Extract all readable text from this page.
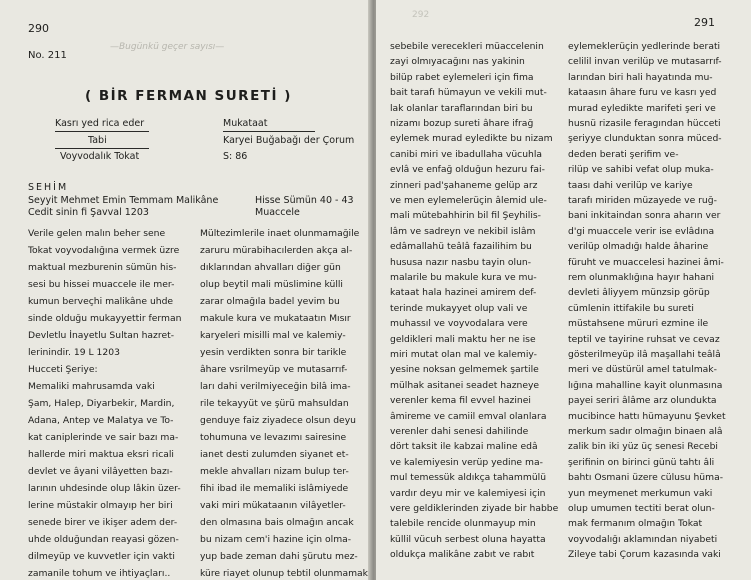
290
—Bugünkü geçer sayısı—
No. 211
( BİR FERMAN SURETİ )
Kasrı yed rica eder
Tabi
Voyvodalık Tokat
Mukataat
Karyei Buğabağı der Çorum
S: 86
SEHİM
Seyyit Mehmet Emin Temmam Malikâne
Cedit sinin fi Şavval 1203
Hisse Sümün 40 - 43
Muaccele
Verile gelen malın beher sene
Tokat voyvodalığına vermek üzre
maktual mezburenin sümün his-
sesi bu hissei muaccele ile mer-
kumun berveçhi malikâne uhde
sinde olduğu mukayyettir ferman
Devletlu İnayetlu Sultan hazret-
lerinindir. 19 L 1203
Hucceti Şeriye:
Memaliki mahrusamda vaki
Şam, Halep, Diyarbekir, Mardin,
Adana, Antep ve Malatya ve To-
kat canipleri̇nde ve sair bazı ma-
hallerde miri maktua eksri ricali
devlet ve âyani vilâyetten bazı-
larının uhdesinde olup lâkin üzer-
lerine müstakir olmayıp her biri
senede birer ve ikişer adem der-
uhde olduğundan reayasi gözen-
dilmeyüp ve kuvvetler için vakti
zamanile tohum ve ihtiyaçları..
Mültezimlerile inaet olunmamağile
zaruru mürabihacılerden akça al-
dıklarından ahvalları diğer gün
olup beytil mali müslimine külli
zarar olmağıla badel yevim bu
makule kura ve mukataatın Mısır
karyeleri misilli mal ve kalemiy-
yesin verdikten sonra bir tarikle
âhare vsrilmeyüp ve mutasarrıf-
ları dahi verilmiyeceğin bilâ ima-
rile tekayyüt ve şürü mahsuldan
genduye faiz ziyadece olsun deyu
tohumuna ve levazımı sairesine
ianet desti zulumden siyanet et-
mekle ahvalları nizam bulup ter-
fihi ibad ile memaliki islâmiyede
vaki miri mükataanın vilâyetler-
den olmasına bais olmağın ancak
bu nizam cem'i hazine için olma-
yup bade zeman dahi şürutu mez-
küre riayet olunup tebtil olunmamak
292
291
sebebile verecekleri müaccelenin
zayi olmıyacağını nas yakinin
bilüp rabet eylemeleri için fima
bait tarafı hümayun ve vekili mut-
lak olanlar taraflarından biri bu
nizamı bozup sureti âhare ifrağ
eylemek murad eyledikte bu nizam
canibi miri ve ibadullaha vücuhla
evlâ ve enfağ olduğun hezuru fai-
zinneri pad'şahaneme gelüp arz
ve men eylemelerüçin âlemid ule-
mali mütebahhirin bil fil Şeyhilis-
lâm ve sadreyn ve nekibil islâm
edâmallahü teâlâ fazailihim bu
hususa nazır nasbu tayin olun-
malarile bu makule kura ve mu-
kataat hala hazinei amirem def-
terinde mukayyet olup vali ve
muhassıl ve voyvodalara vere
geldikleri mali maktu her ne ise
miri mutat olan mal ve kalemiy-
yesine noksan gelmemek şartile
mülhak asitanei seadet hazneye
verenler kema fil evvel hazinei
âmireme ve camiil emval olanlara
verenler dahi senesi dahilinde
dört taksit ile kabzai maline edâ
ve kalemiyesin verüp yedine ma-
mul temessük aldıkça tahammülü
vardır deyu mir ve kalemiyesi için
vere geldiklerinden ziyade bir habbe
talebile rencide olunmayup min
küllil vücuh serbest oluna hayatta
oldukça malikâne zabıt ve rabıt
eylemeklerüçin yedlerinde berati
celilil invan verilüp ve mutasarrıf-
larından biri hali hayatında mu-
kataasın âhare furu ve kasrı yed
murad eyledikte marifeti şeri ve
husnü rizasile feragından hücceti
şeriyye clunduktan sonra müced-
deden berati şerifim ve-
rilüp ve sahibi vefat olup muka-
taası dahi verilüp ve kariye
tarafı miriden müzayede ve ruğ-
bani inkitaindan sonra aharın ver
d'gi muaccele verir ise evlâdına
verilüp olmadığı halde âharine
füruht ve muaccelesi hazinei âmi-
rem olunmaklığına hayır hahani
devleti âliyyem münzsip görüp
cümlenin ittifakile bu sureti
müstahsene müruri ezmine ile
teptil ve tayirine ruhsat ve cevaz
gösterilmeyüp ilâ maşallahi teâlâ
meri ve düstürül amel tatulmak-
lığına mahalline kayit olunmasına
payei seriri âlâme arz olundukta
mucibince hattı hümayunu Şevket
merkum sadır olmağın binaen alâ
zalik bin iki yüz üç senesi Recebi
şerifinin on birinci günü tahtı âli
bahtı Osmani üzere cülusu hüma-
yun meymenet merkumun vaki
olup umumen tectiti berat olun-
mak fermanım olmağın Tokat
voyvodalığı aklamından niyabeti
Zileye tabi Çorum kazasında vaki
